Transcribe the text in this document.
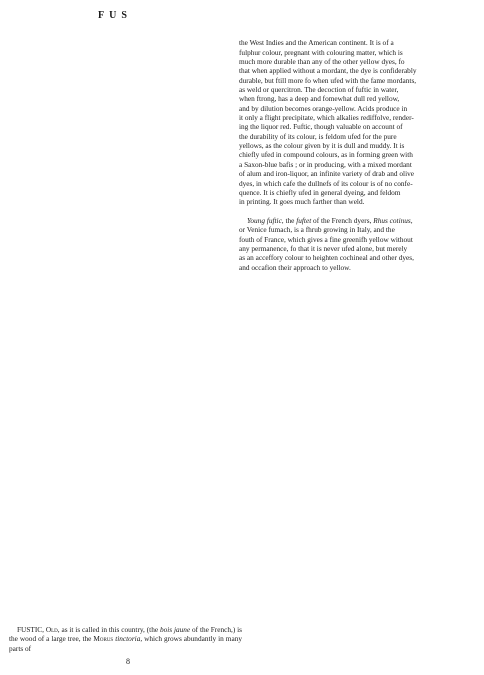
FUS

the West Indies and the American continent. It is of a
fulphur colour, pregnant with colouring matter, which is
much more durable than any of the other yellow dyes, fo
that when applied without a mordant, the dye is confiderably
durable, but ftill more fo when ufed with the fame mordants,
as weld or quercitron. The decoction of fuftic in water,
when ftrong, has a deep and fomewhat dull red yellow,
and by dilution becomes orange-yellow. Acids produce in
it only a flight precipitate, which alkalies rediffolve, render-
ing the liquor red. Fuftic, though valuable on account of
the durability of its colour, is feldom ufed for the pure
yellows, as the colour given by it is dull and muddy. It is
chiefly ufed in compound colours, as in forming green with
a Saxon-blue bafis ; or in producing, with a mixed mordant
of alum and iron-liquor, an infinite variety of drab and olive
dyes, in which cafe the dullnefs of its colour is of no confe-
quence. It is chiefly ufed in general dyeing, and feldom
in printing. It goes much farther than weld.

Young fuftic, the fuftet of the French dyers, Rhus cotinus,
or Venice fumach, is a fhrub growing in Italy, and the
fouth of France, which gives a fine greenifh yellow without
any permanence, fo that it is never ufed alone, but merely
as an acceffory colour to heighten cochineal and other dyes,
and occafion their approach to yellow.

FUSTIC, Old, as it is called in this country, (the bois jaune of the French,) is the wood of a large tree, the Morus tinctoria, which grows abundantly in many parts of
8
